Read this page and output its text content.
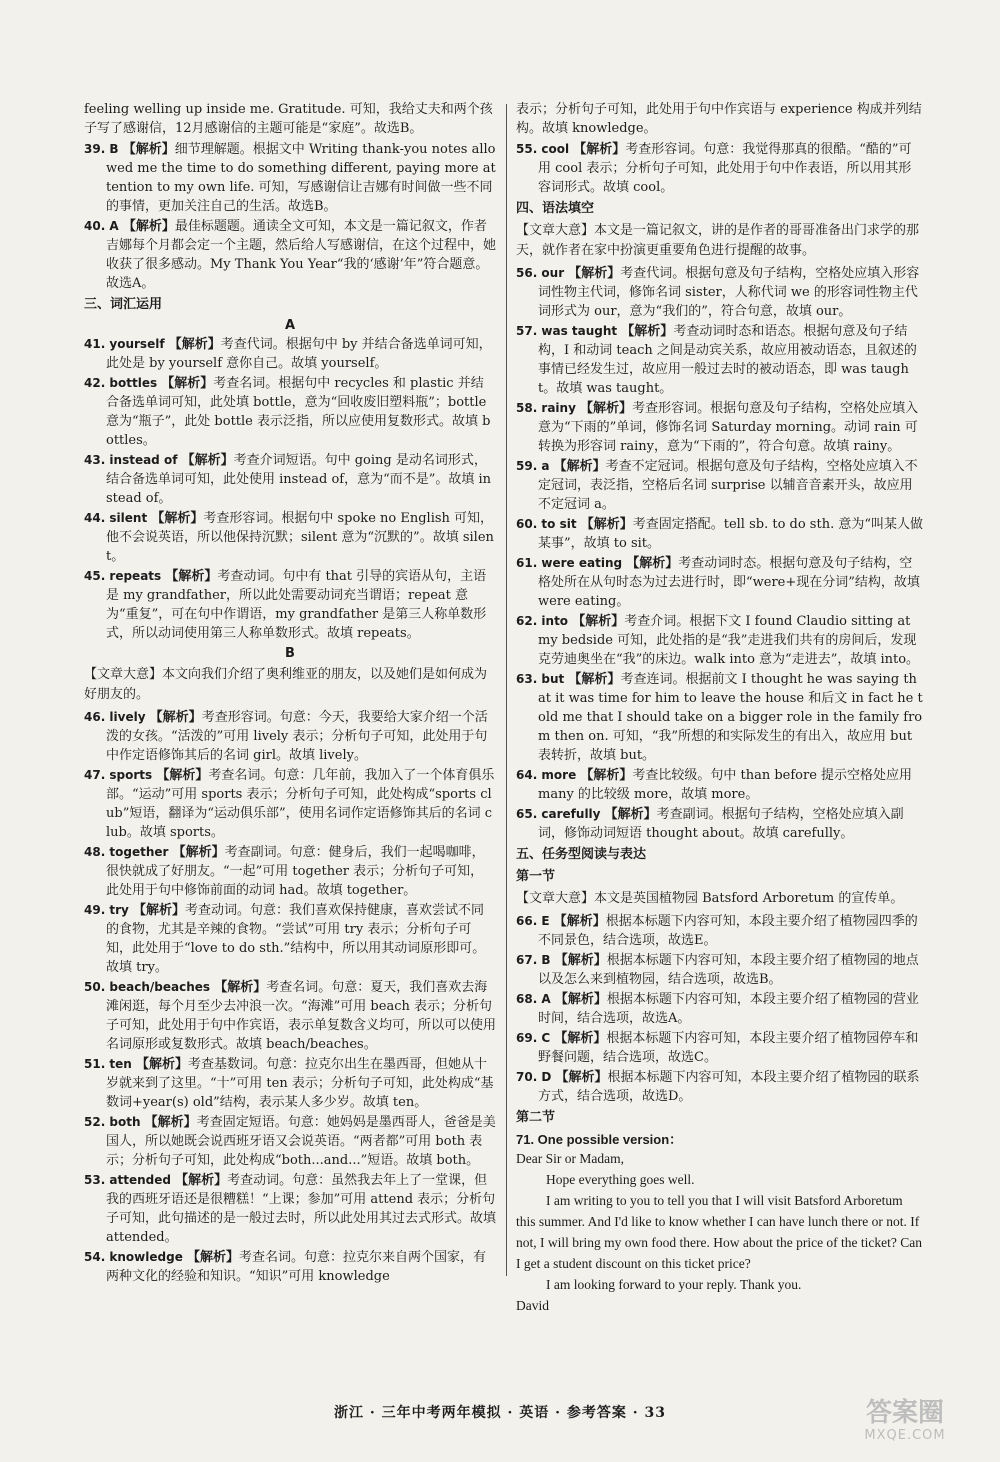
feeling welling up inside me. Gratitude. 可知，我给丈夫和两个孩子写了感谢信，12月感谢信的主题可能是“家庭”。故选B。

39. B 【解析】细节理解题。根据文中 Writing thank-you notes allowed me the time to do something different, paying more attention to my own life. 可知，写感谢信让吉娜有时间做一些不同的事情，更加关注自己的生活。故选B。

40. A 【解析】最佳标题题。通读全文可知，本文是一篇记叙文，作者吉娜每个月都会定一个主题，然后给人写感谢信，在这个过程中，她收获了很多感动。My Thank You Year“我的‘感谢’年”符合题意。故选A。

三、词汇运用
A

41. yourself 【解析】考查代词。根据句中 by 并结合备选单词可知，此处是 by yourself 意你自己。故填 yourself。

42. bottles 【解析】考查名词。根据句中 recycles 和 plastic 并结合备选单词可知，此处填 bottle，意为“回收废旧塑料瓶”；bottle 意为“瓶子”，此处 bottle 表示泛指，所以应使用复数形式。故填 bottles。

43. instead of 【解析】考查介词短语。句中 going 是动名词形式，结合备选单词可知，此处使用 instead of，意为“而不是”。故填 instead of。

44. silent 【解析】考查形容词。根据句中 spoke no English 可知，他不会说英语，所以他保持沉默；silent 意为“沉默的”。故填 silent。

45. repeats 【解析】考查动词。句中有 that 引导的宾语从句，主语是 my grandfather，所以此处需要动词充当谓语；repeat 意为“重复”，可在句中作谓语，my grandfather 是第三人称单数形式，所以动词使用第三人称单数形式。故填 repeats。

B

【文章大意】本文向我们介绍了奥利维亚的朋友，以及她们是如何成为好朋友的。

46. lively 【解析】考查形容词。句意：今天，我要给大家介绍一个活泼的女孩。“活泼的”可用 lively 表示；分析句子可知，此处用于句中作定语修饰其后的名词 girl。故填 lively。

47. sports 【解析】考查名词。句意：几年前，我加入了一个体育俱乐部。“运动”可用 sports 表示；分析句子可知，此处构成“sports club”短语，翻译为“运动俱乐部”，使用名词作定语修饰其后的名词 club。故填 sports。

48. together 【解析】考查副词。句意：健身后，我们一起喝咖啡，很快就成了好朋友。“一起”可用 together 表示；分析句子可知，此处用于句中修饰前面的动词 had。故填 together。

49. try 【解析】考查动词。句意：我们喜欢保持健康，喜欢尝试不同的食物，尤其是辛辣的食物。“尝试”可用 try 表示；分析句子可知，此处用于“love to do sth.”结构中，所以用其动词原形即可。故填 try。

50. beach/beaches 【解析】考查名词。句意：夏天，我们喜欢去海滩闲逛，每个月至少去冲浪一次。“海滩”可用 beach 表示；分析句子可知，此处用于句中作宾语，表示单复数含义均可，所以可以使用名词原形或复数形式。故填 beach/beaches。

51. ten 【解析】考查基数词。句意：拉克尔出生在墨西哥，但她从十岁就来到了这里。“十”可用 ten 表示；分析句子可知，此处构成“基数词+year(s) old”结构，表示某人多少岁。故填 ten。

52. both 【解析】考查固定短语。句意：她妈妈是墨西哥人，爸爸是美国人，所以她既会说西班牙语又会说英语。“两者都”可用 both 表示；分析句子可知，此处构成“both...and...”短语。故填 both。

53. attended 【解析】考查动词。句意：虽然我去年上了一堂课，但我的西班牙语还是很糟糕！“上课；参加”可用 attend 表示；分析句子可知，此句描述的是一般过去时，所以此处用其过去式形式。故填 attended。

54. knowledge 【解析】考查名词。句意：拉克尔来自两个国家，有两种文化的经验和知识。“知识”可用 knowledge

表示；分析句子可知，此处用于句中作宾语与 experience 构成并列结构。故填 knowledge。

55. cool 【解析】考查形容词。句意：我觉得那真的很酷。“酷的”可用 cool 表示；分析句子可知，此处用于句中作表语，所以用其形容词形式。故填 cool。

四、语法填空

【文章大意】本文是一篇记叙文，讲的是作者的哥哥准备出门求学的那天，就作者在家中扮演更重要角色进行提醒的故事。

56. our 【解析】考查代词。根据句意及句子结构，空格处应填入形容词性物主代词，修饰名词 sister，人称代词 we 的形容词性物主代词形式为 our，意为“我们的”，符合句意，故填 our。

57. was taught 【解析】考查动词时态和语态。根据句意及句子结构，I 和动词 teach 之间是动宾关系，故应用被动语态，且叙述的事情已经发生过，故应用一般过去时的被动语态，即 was taught。故填 was taught。

58. rainy 【解析】考查形容词。根据句意及句子结构，空格处应填入意为“下雨的”单词，修饰名词 Saturday morning。动词 rain 可转换为形容词 rainy，意为“下雨的”，符合句意。故填 rainy。

59. a 【解析】考查不定冠词。根据句意及句子结构，空格处应填入不定冠词，表泛指，空格后名词 surprise 以辅音音素开头，故应用不定冠词 a。

60. to sit 【解析】考查固定搭配。tell sb. to do sth. 意为“叫某人做某事”，故填 to sit。

61. were eating 【解析】考查动词时态。根据句意及句子结构，空格处所在从句时态为过去进行时，即“were+现在分词”结构，故填 were eating。

62. into 【解析】考查介词。根据下文 I found Claudio sitting at my bedside 可知，此处指的是“我”走进我们共有的房间后，发现克劳迪奥坐在“我”的床边。walk into 意为“走进去”，故填 into。

63. but 【解析】考查连词。根据前文 I thought he was saying that it was time for him to leave the house 和后文 in fact he told me that I should take on a bigger role in the family from then on. 可知，“我”所想的和实际发生的有出入，故应用 but 表转折，故填 but。

64. more 【解析】考查比较级。句中 than before 提示空格处应用 many 的比较级 more，故填 more。

65. carefully 【解析】考查副词。根据句子结构，空格处应填入副词，修饰动词短语 thought about。故填 carefully。

五、任务型阅读与表达
第一节

【文章大意】本文是英国植物园 Batsford Arboretum 的宣传单。

66. E 【解析】根据本标题下内容可知，本段主要介绍了植物园四季的不同景色，结合选项，故选E。

67. B 【解析】根据本标题下内容可知，本段主要介绍了植物园的地点以及怎么来到植物园，结合选项，故选B。

68. A 【解析】根据本标题下内容可知，本段主要介绍了植物园的营业时间，结合选项，故选A。

69. C 【解析】根据本标题下内容可知，本段主要介绍了植物园停车和野餐问题，结合选项，故选C。

70. D 【解析】根据本标题下内容可知，本段主要介绍了植物园的联系方式，结合选项，故选D。

第二节
71. One possible version：

Dear Sir or Madam,

Hope everything goes well.

I am writing to you to tell you that I will visit Batsford Arboretum this summer. And I'd like to know whether I can have lunch there or not. If not, I will bring my own food there. How about the price of the ticket? Can I get a student discount on this ticket price?

I am looking forward to your reply. Thank you.

David

浙江 · 三年中考两年模拟 · 英语 · 参考答案 · 33	答案圈
MXQE.COM
